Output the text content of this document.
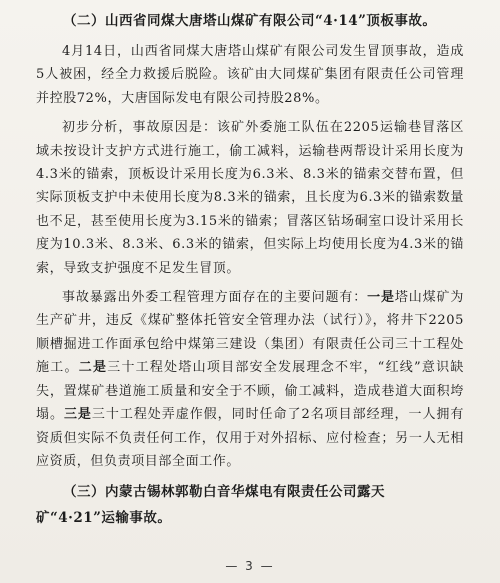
（二）山西省同煤大唐塔山煤矿有限公司“4·14”顶板事故。

4月14日，山西省同煤大唐塔山煤矿有限公司发生冒顶事故，造成5人被困，经全力救援后脱险。该矿由大同煤矿集团有限责任公司管理并控股72%，大唐国际发电有限公司持股28%。

初步分析，事故原因是：该矿外委施工队伍在2205运输巷冒落区域未按设计支护方式进行施工，偷工减料，运输巷两帮设计采用长度为4.3米的锚索，顶板设计采用长度为6.3米、8.3米的锚索交替布置，但实际顶板支护中未使用长度为8.3米的锚索，且长度为6.3米的锚索数量也不足，甚至使用长度为3.15米的锚索；冒落区钻场硐室口设计采用长度为10.3米、8.3米、6.3米的锚索，但实际上均使用长度为4.3米的锚索，导致支护强度不足发生冒顶。

事故暴露出外委工程管理方面存在的主要问题有：一是塔山煤矿为生产矿井，违反《煤矿整体托管安全管理办法（试行）》，将井下2205顺槽掘进工作面承包给中煤第三建设（集团）有限责任公司三十工程处施工。二是三十工程处塔山项目部安全发展理念不牢，“红线”意识缺失，置煤矿巷道施工质量和安全于不顾，偷工减料，造成巷道大面积垮塌。三是三十工程处弄虚作假，同时任命了2名项目部经理，一人拥有资质但实际不负责任何工作，仅用于对外招标、应付检查；另一人无相应资质，但负责项目部全面工作。

（三）内蒙古锡林郭勒白音华煤电有限责任公司露天矿“4·21”运输事故。

— 3 —
